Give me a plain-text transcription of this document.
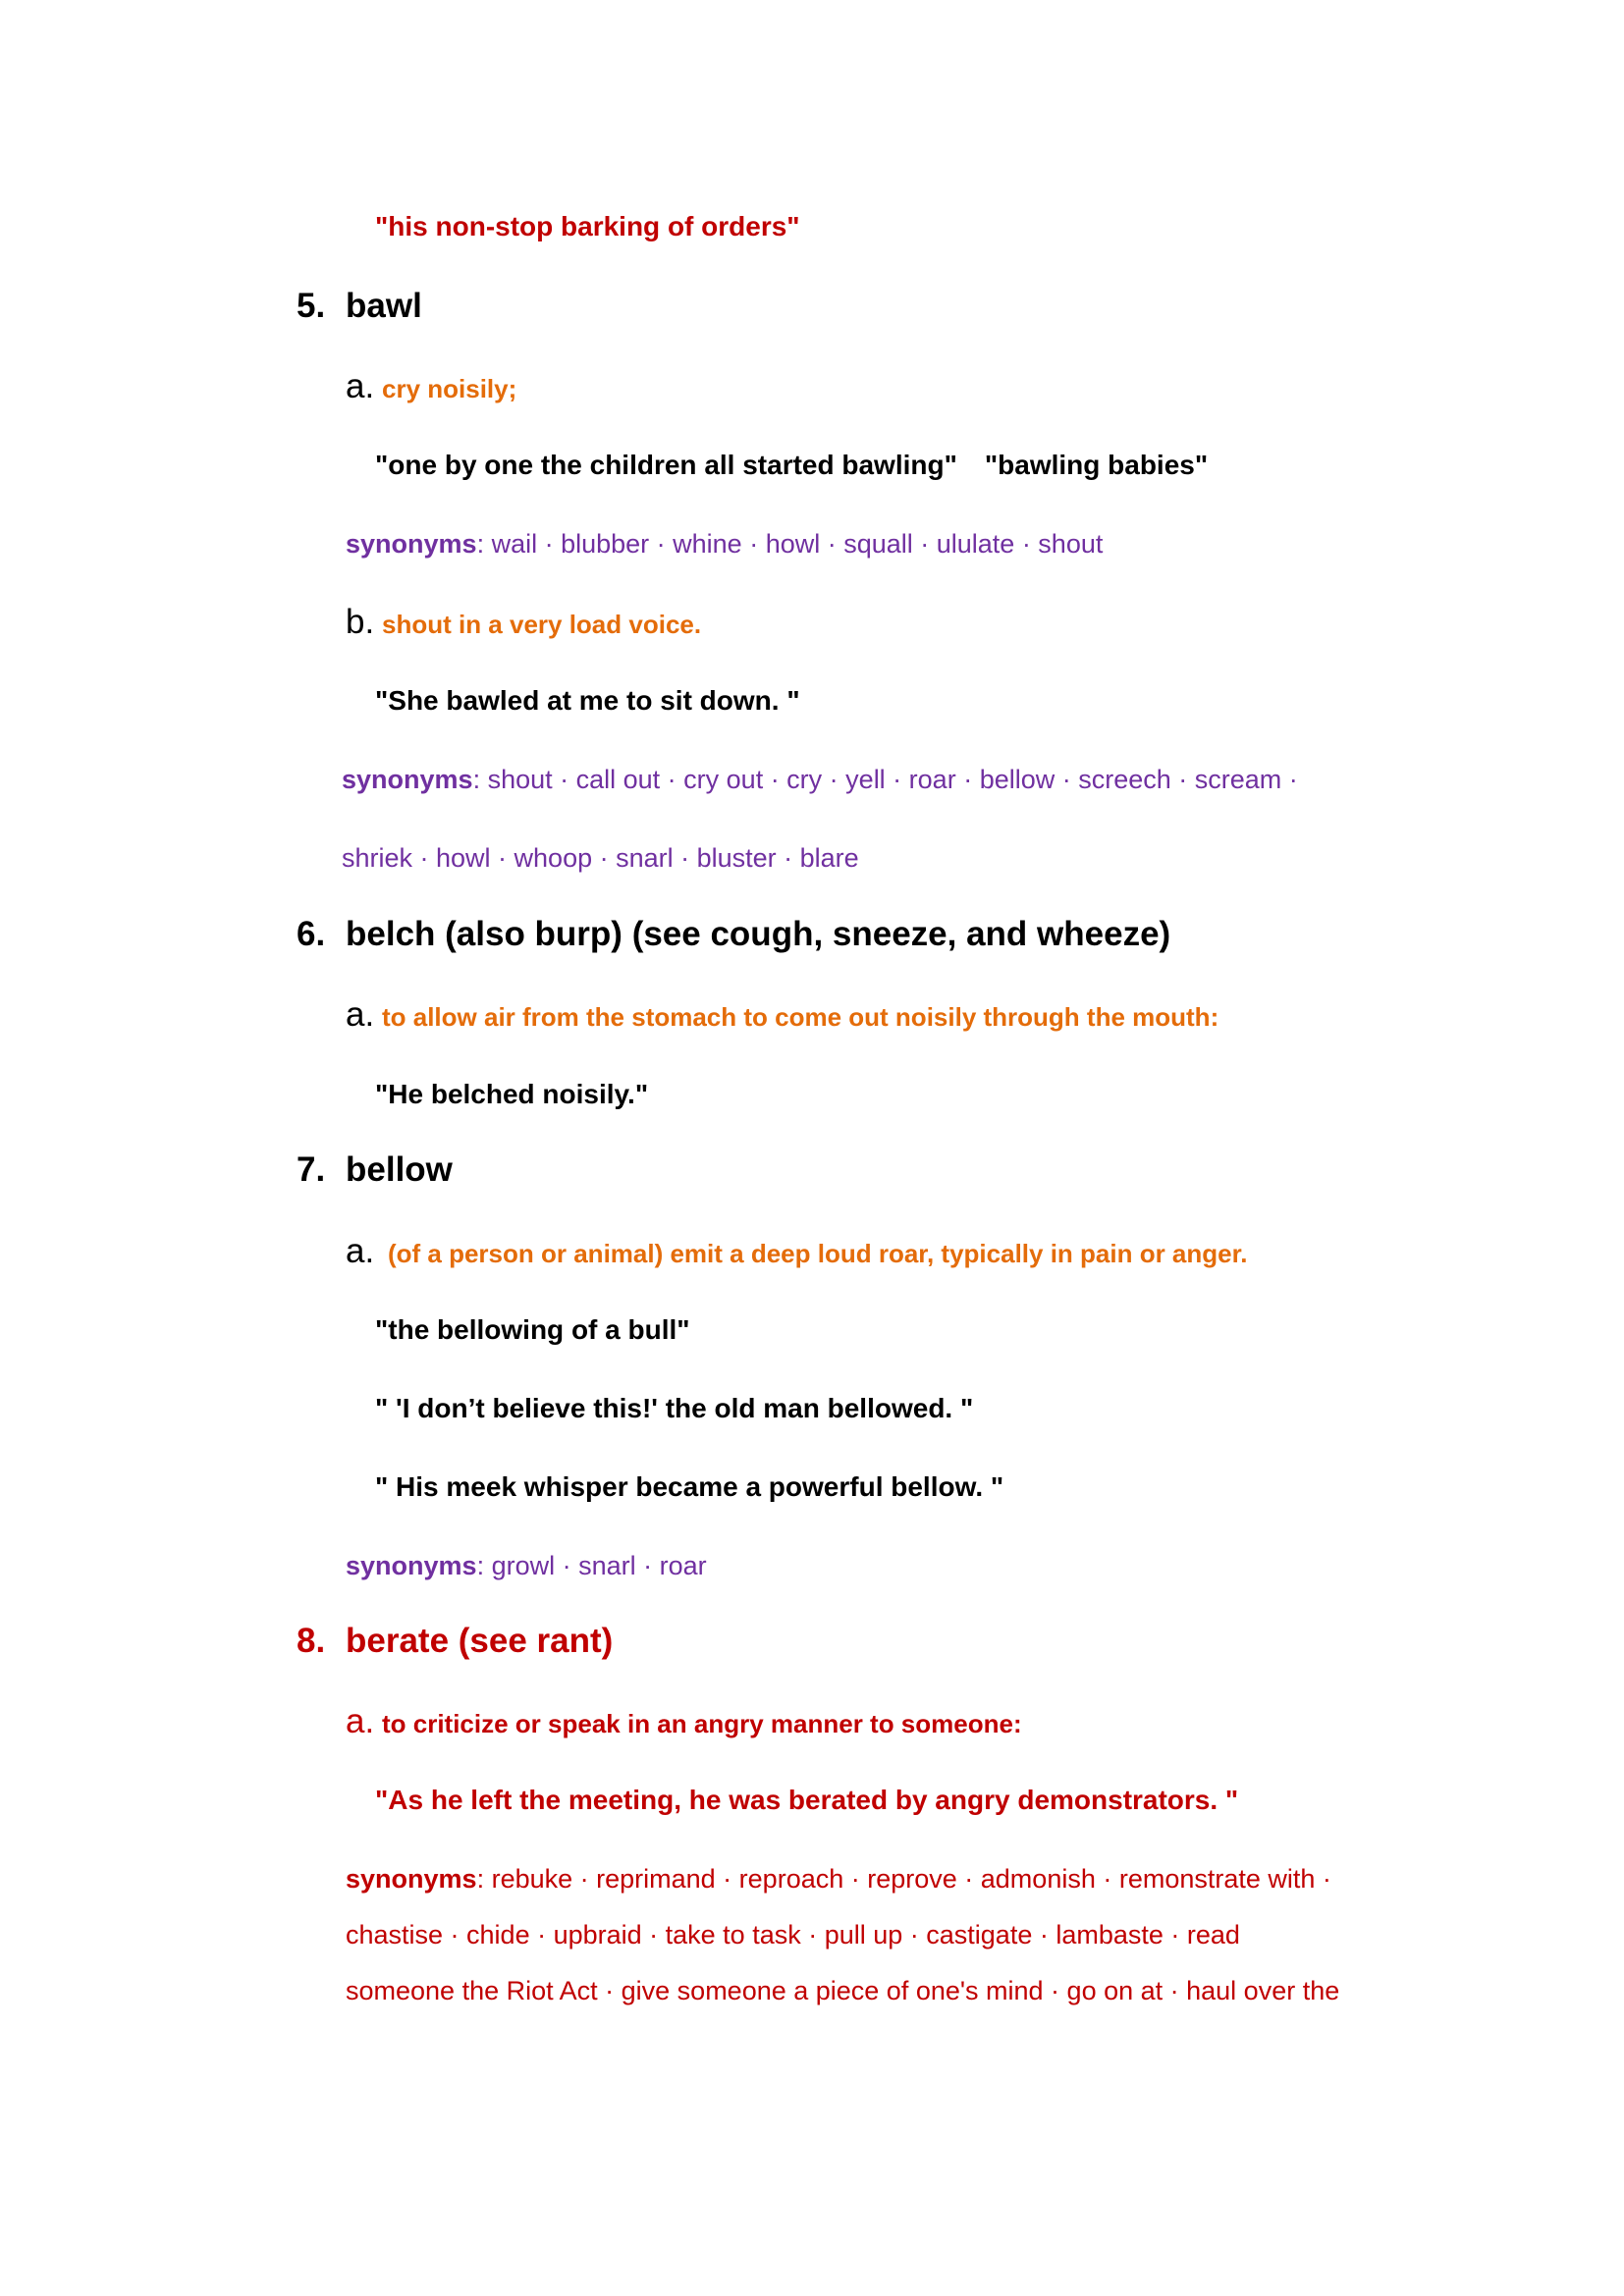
"his non-stop barking of orders"
5. bawl
a. cry noisily;
"one by one the children all started bawling" "bawling babies"
synonyms: wail · blubber · whine · howl · squall · ululate · shout
b. shout in a very load voice.
"She bawled at me to sit down. "
synonyms: shout · call out · cry out · cry · yell · roar · bellow · screech · scream ·
shriek · howl · whoop · snarl · bluster · blare
6. belch (also burp) (see cough, sneeze, and wheeze)
a. to allow air from the stomach to come out noisily through the mouth:
"He belched noisily."
7. bellow
a. (of a person or animal) emit a deep loud roar, typically in pain or anger.
"the bellowing of a bull"
" 'I don’t believe this!' the old man bellowed. "
" His meek whisper became a powerful bellow. "
synonyms: growl · snarl · roar
8. berate (see rant)
a. to criticize or speak in an angry manner to someone:
"As he left the meeting, he was berated by angry demonstrators. "
synonyms: rebuke · reprimand · reproach · reprove · admonish · remonstrate with ·
chastise · chide · upbraid · take to task · pull up · castigate · lambaste · read
someone the Riot Act · give someone a piece of one's mind · go on at · haul over the
